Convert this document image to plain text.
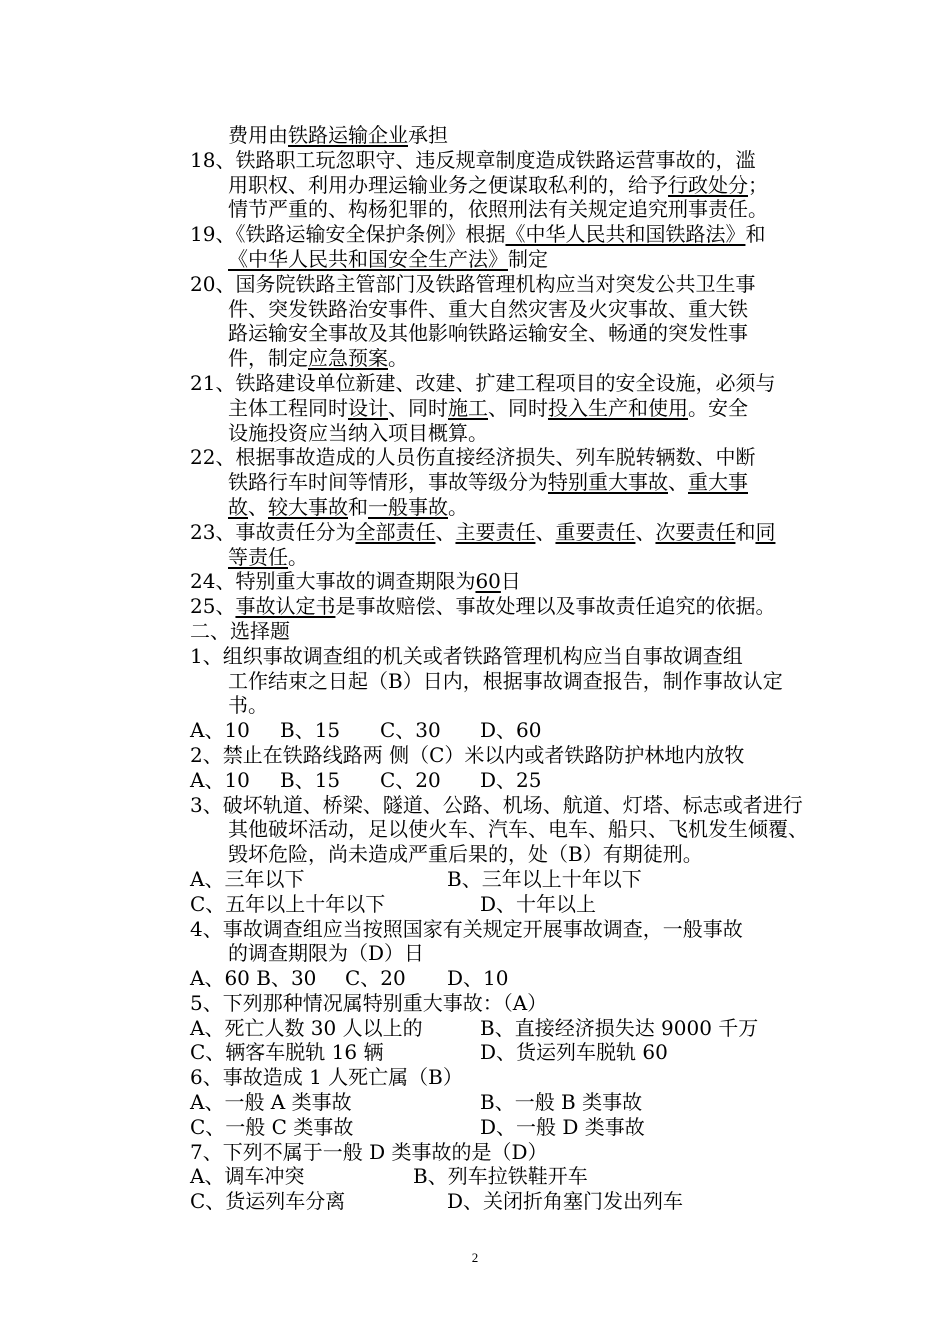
费用由铁路运输企业承担
18、铁路职工玩忽职守、违反规章制度造成铁路运营事故的，滥
用职权、利用办理运输业务之便谋取私利的，给予行政处分；
情节严重的、构杨犯罪的，依照刑法有关规定追究刑事责任。
19、《铁路运输安全保护条例》根据《中华人民共和国铁路法》和
《中华人民共和国安全生产法》制定
20、国务院铁路主管部门及铁路管理机构应当对突发公共卫生事
件、突发铁路治安事件、重大自然灾害及火灾事故、重大铁
路运输安全事故及其他影响铁路运输安全、畅通的突发性事
件，制定应急预案。
21、铁路建设单位新建、改建、扩建工程项目的安全设施，必须与
主体工程同时设计、同时施工、同时投入生产和使用。安全
设施投资应当纳入项目概算。
22、根据事故造成的人员伤直接经济损失、列车脱转辆数、中断
铁路行车时间等情形，事故等级分为特别重大事故、重大事
故、较大事故和一般事故。
23、事故责任分为全部责任、主要责任、重要责任、次要责任和同
等责任。
24、特别重大事故的调查期限为60日
25、事故认定书是事故赔偿、事故处理以及事故责任追究的依据。
二、选择题
1、组织事故调查组的机关或者铁路管理机构应当自事故调查组
工作结束之日起（B）日内，根据事故调查报告，制作事故认定
书。
A、10 B、15 C、30 D、60
2、禁止在铁路线路两 侧（C）米以内或者铁路防护林地内放牧
A、10 B、15 C、20 D、25
3、破坏轨道、桥梁、隧道、公路、机场、航道、灯塔、标志或者进行
其他破坏活动，足以使火车、汽车、电车、船只、飞机发生倾覆、
毁坏危险，尚未造成严重后果的，处（B）有期徒刑。
A、三年以下	B、三年以上十年以下
C、五年以上十年以下	D、十年以上
4、事故调查组应当按照国家有关规定开展事故调查，一般事故
的调查期限为（D）日
A、60 B、30 C、20 D、10
5、下列那种情况属特别重大事故：（A）
A、死亡人数 30 人以上的	B、直接经济损失达 9000 千万
C、辆客车脱轨 16 辆	D、货运列车脱轨 60
6、事故造成 1 人死亡属（B）
A、一般 A 类事故	B、一般 B 类事故
C、一般 C 类事故	D、一般 D 类事故
7、下列不属于一般 D 类事故的是（D）
A、调车冲突	B、列车拉铁鞋开车
C、货运列车分离	D、关闭折角塞门发出列车
2
